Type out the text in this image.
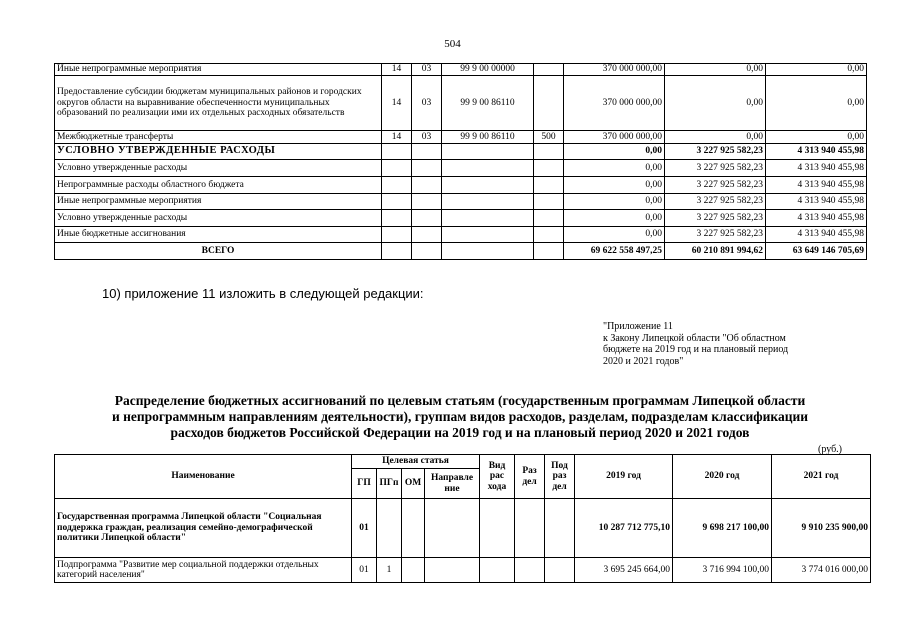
504
Иные непрограммные мероприятия	14	03	99 9 00 00000		370 000 000,00	0,00	0,00
Предоставление субсидии бюджетам муниципальных районов и городских округов области на выравнивание обеспеченности муниципальных образований по реализации ими их отдельных расходных обязательств	14	03	99 9 00 86110		370 000 000,00	0,00	0,00
Межбюджетные трансферты	14	03	99 9 00 86110	500	370 000 000,00	0,00	0,00
УСЛОВНО УТВЕРЖДЕННЫЕ РАСХОДЫ					0,00	3 227 925 582,23	4 313 940 455,98
Условно утвержденные расходы					0,00	3 227 925 582,23	4 313 940 455,98
Непрограммные расходы областного бюджета					0,00	3 227 925 582,23	4 313 940 455,98
Иные непрограммные мероприятия					0,00	3 227 925 582,23	4 313 940 455,98
Условно утвержденные расходы					0,00	3 227 925 582,23	4 313 940 455,98
Иные бюджетные ассигнования					0,00	3 227 925 582,23	4 313 940 455,98
ВСЕГО					69 622 558 497,25	60 210 891 994,62	63 649 146 705,69
10) приложение 11 изложить в следующей редакции:
"Приложение 11
к Закону Липецкой области "Об областном
бюджете на 2019 год и на плановый период
2020 и 2021 годов"
Распределение бюджетных ассигнований по целевым статьям (государственным программам Липецкой области
и непрограммным направлениям деятельности), группам видов расходов, разделам, подразделам классификации
расходов бюджетов Российской Федерации на 2019 год и на плановый период 2020 и 2021 годов
(руб.)
Наименование	Целевая статья				Вид рас хода	Раз дел	Под раз дел	2019 год	2020 год	2021 год
	ГП	ПГп	ОМ	Направле ние						
Государственная программа Липецкой области "Социальная поддержка граждан, реализация семейно-демографической политики Липецкой области"	01							10 287 712 775,10	9 698 217 100,00	9 910 235 900,00
Подпрограмма "Развитие мер социальной поддержки отдельных категорий населения"	01	1						3 695 245 664,00	3 716 994 100,00	3 774 016 000,00
